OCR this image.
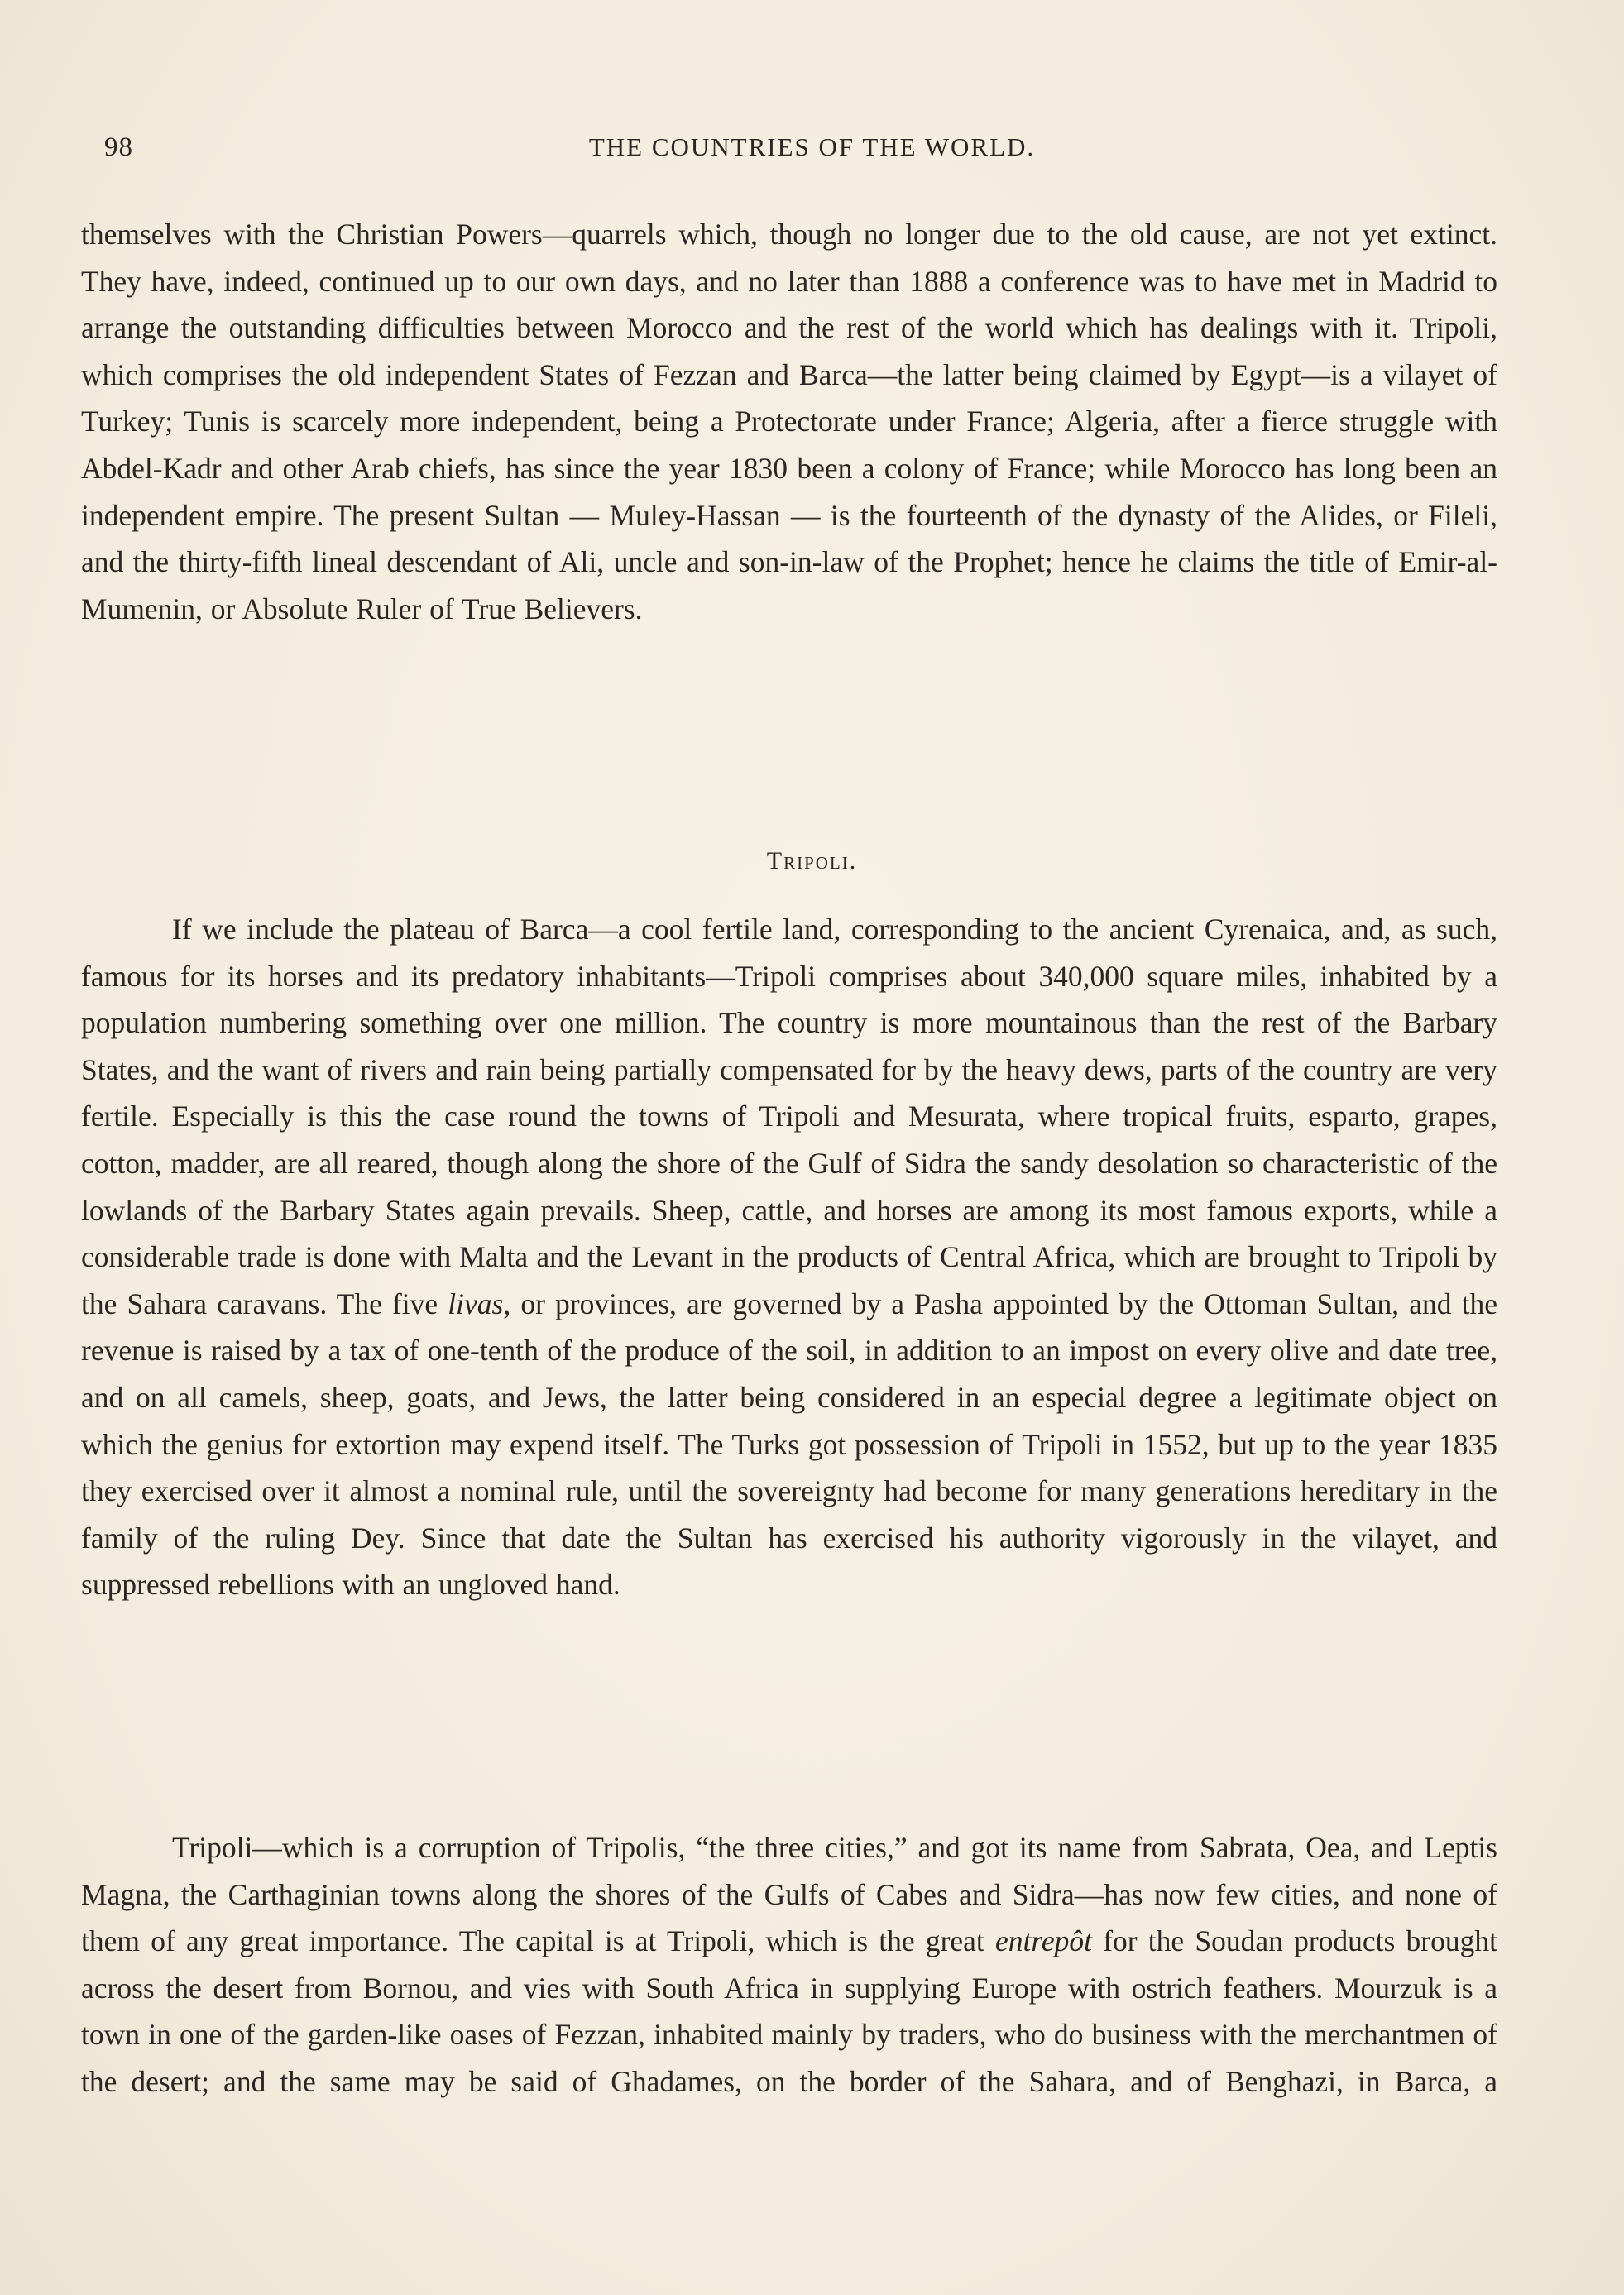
98	THE COUNTRIES OF THE WORLD.

themselves with the Christian Powers—quarrels which, though no longer due to the old cause, are not yet extinct. They have, indeed, continued up to our own days, and no later than 1888 a conference was to have met in Madrid to arrange the outstanding difficulties between Morocco and the rest of the world which has dealings with it. Tripoli, which comprises the old independent States of Fezzan and Barca—the latter being claimed by Egypt—is a vilayet of Turkey; Tunis is scarcely more independent, being a Protectorate under France; Algeria, after a fierce struggle with Abdel-Kadr and other Arab chiefs, has since the year 1830 been a colony of France; while Morocco has long been an independent empire. The present Sultan — Muley-Hassan — is the fourteenth of the dynasty of the Alides, or Fileli, and the thirty-fifth lineal descendant of Ali, uncle and son-in-law of the Prophet; hence he claims the title of Emir-al-Mumenin, or Absolute Ruler of True Believers.

Tripoli.

If we include the plateau of Barca—a cool fertile land, corresponding to the ancient Cyrenaica, and, as such, famous for its horses and its predatory inhabitants—Tripoli comprises about 340,000 square miles, inhabited by a population numbering something over one million. The country is more mountainous than the rest of the Barbary States, and the want of rivers and rain being partially compensated for by the heavy dews, parts of the country are very fertile. Especially is this the case round the towns of Tripoli and Mesurata, where tropical fruits, esparto, grapes, cotton, madder, are all reared, though along the shore of the Gulf of Sidra the sandy desolation so characteristic of the lowlands of the Barbary States again prevails. Sheep, cattle, and horses are among its most famous exports, while a considerable trade is done with Malta and the Levant in the products of Central Africa, which are brought to Tripoli by the Sahara caravans. The five livas, or provinces, are governed by a Pasha appointed by the Ottoman Sultan, and the revenue is raised by a tax of one-tenth of the produce of the soil, in addition to an impost on every olive and date tree, and on all camels, sheep, goats, and Jews, the latter being considered in an especial degree a legitimate object on which the genius for extortion may expend itself. The Turks got possession of Tripoli in 1552, but up to the year 1835 they exercised over it almost a nominal rule, until the sovereignty had become for many generations hereditary in the family of the ruling Dey. Since that date the Sultan has exercised his authority vigorously in the vilayet, and suppressed rebellions with an ungloved hand.

Tripoli—which is a corruption of Tripolis, “the three cities,” and got its name from Sabrata, Oea, and Leptis Magna, the Carthaginian towns along the shores of the Gulfs of Cabes and Sidra—has now few cities, and none of them of any great importance. The capital is at Tripoli, which is the great entrepôt for the Soudan products brought across the desert from Bornou, and vies with South Africa in supplying Europe with ostrich feathers. Mourzuk is a town in one of the garden-like oases of Fezzan, inhabited mainly by traders, who do business with the merchantmen of the desert; and the same may be said of Ghadames, on the border of the Sahara, and of Benghazi, in Barca, a
